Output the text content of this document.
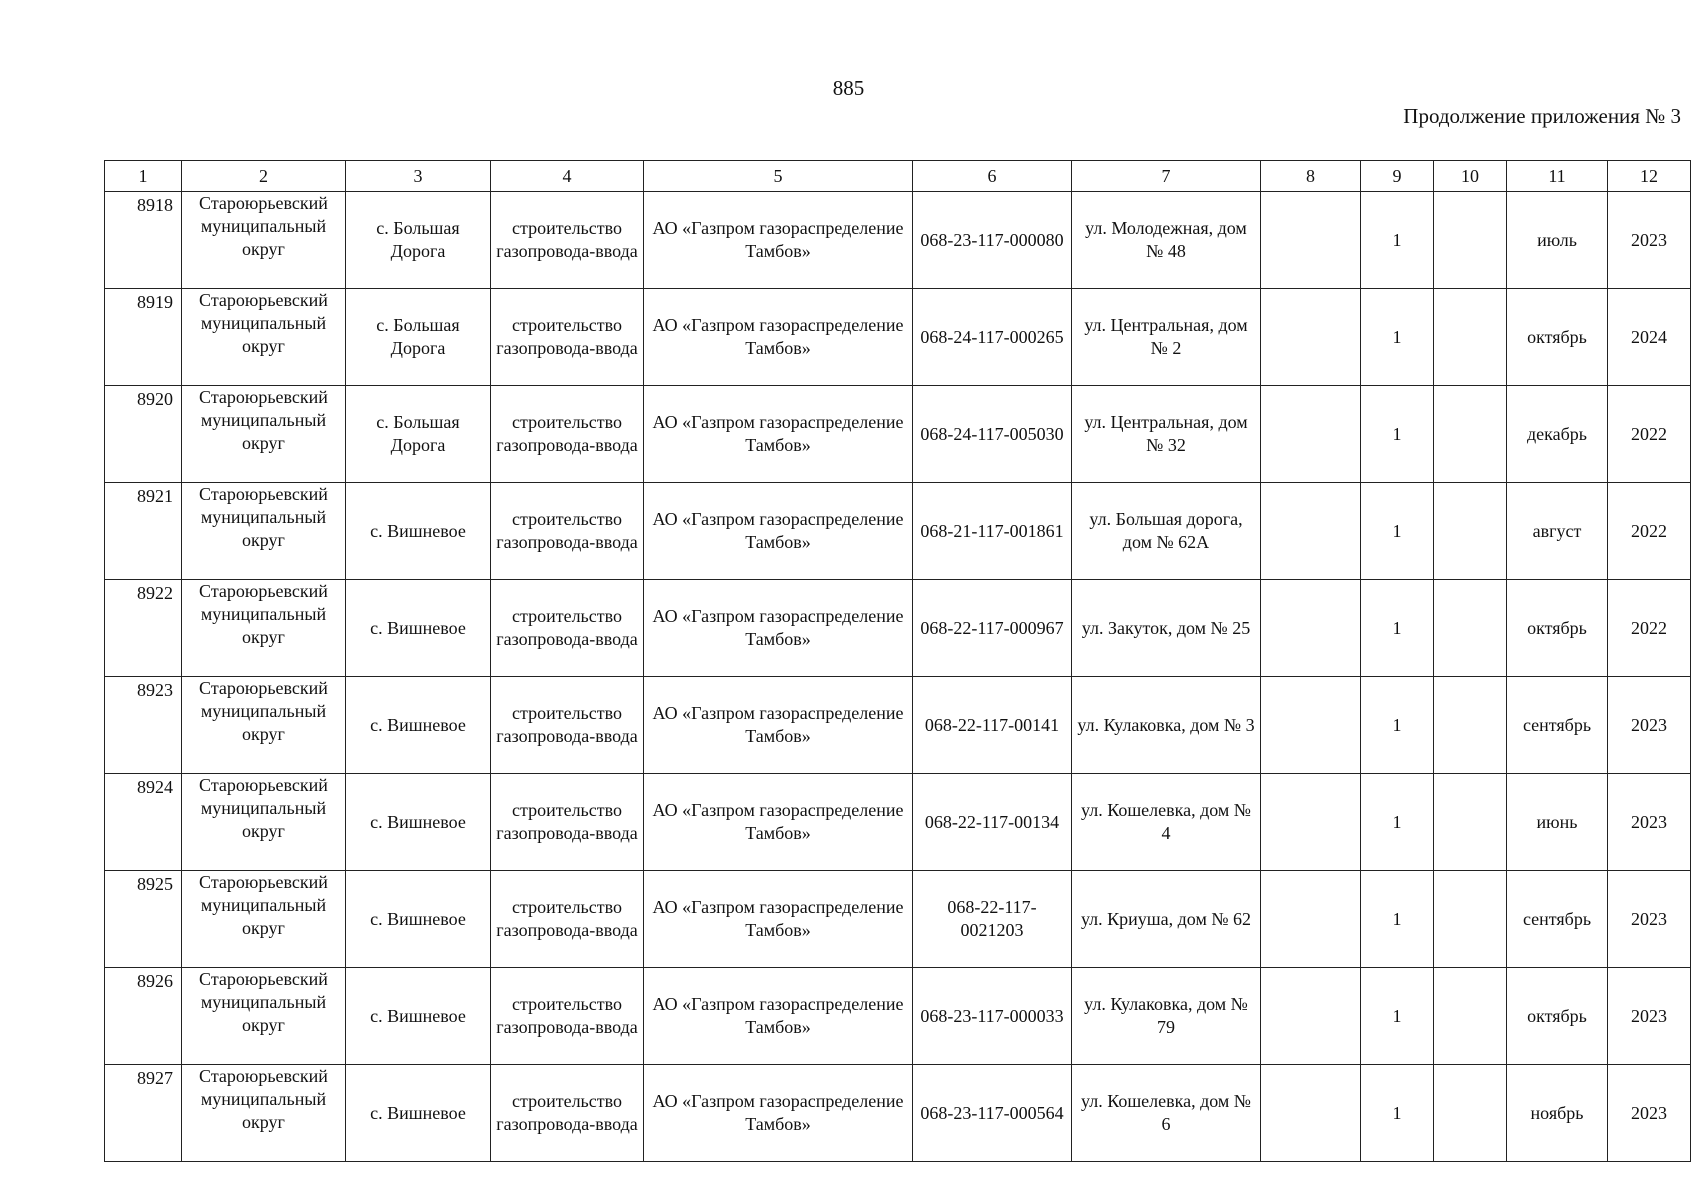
885
Продолжение приложения № 3
1	2	3	4	5	6	7	8	9	10	11	12
8918	Староюрьевский муниципальный округ	с. Большая Дорога	строительство газопровода-ввода	АО «Газпром газораспределение Тамбов»	068-23-117-000080	ул. Молодежная, дом № 48		1		июль	2023
8919	Староюрьевский муниципальный округ	с. Большая Дорога	строительство газопровода-ввода	АО «Газпром газораспределение Тамбов»	068-24-117-000265	ул. Центральная, дом № 2		1		октябрь	2024
8920	Староюрьевский муниципальный округ	с. Большая Дорога	строительство газопровода-ввода	АО «Газпром газораспределение Тамбов»	068-24-117-005030	ул. Центральная, дом № 32		1		декабрь	2022
8921	Староюрьевский муниципальный округ	с. Вишневое	строительство газопровода-ввода	АО «Газпром газораспределение Тамбов»	068-21-117-001861	ул. Большая дорога, дом № 62А		1		август	2022
8922	Староюрьевский муниципальный округ	с. Вишневое	строительство газопровода-ввода	АО «Газпром газораспределение Тамбов»	068-22-117-000967	ул. Закуток, дом № 25		1		октябрь	2022
8923	Староюрьевский муниципальный округ	с. Вишневое	строительство газопровода-ввода	АО «Газпром газораспределение Тамбов»	068-22-117-00141	ул. Кулаковка, дом № 3		1		сентябрь	2023
8924	Староюрьевский муниципальный округ	с. Вишневое	строительство газопровода-ввода	АО «Газпром газораспределение Тамбов»	068-22-117-00134	ул. Кошелевка, дом № 4		1		июнь	2023
8925	Староюрьевский муниципальный округ	с. Вишневое	строительство газопровода-ввода	АО «Газпром газораспределение Тамбов»	068-22-117-0021203	ул. Криуша, дом № 62		1		сентябрь	2023
8926	Староюрьевский муниципальный округ	с. Вишневое	строительство газопровода-ввода	АО «Газпром газораспределение Тамбов»	068-23-117-000033	ул. Кулаковка, дом № 79		1		октябрь	2023
8927	Староюрьевский муниципальный округ	с. Вишневое	строительство газопровода-ввода	АО «Газпром газораспределение Тамбов»	068-23-117-000564	ул. Кошелевка, дом № 6		1		ноябрь	2023
